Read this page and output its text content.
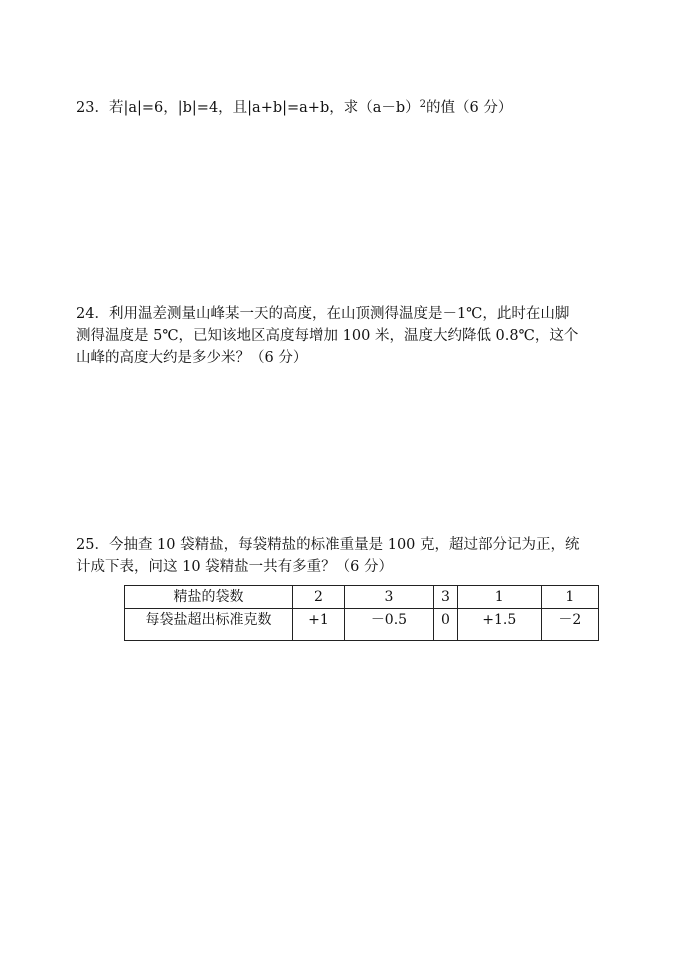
23．若|a|=6，|b|=4，且|a+b|=a+b，求$(a-b)^2$的值（6 分）
24．利用温差测量山峰某一天的高度，在山顶测得温度是－1℃，此时在山脚
测得温度是 5℃，已知该地区高度每增加 100 米，温度大约降低 0.8℃，这个
山峰的高度大约是多少米？（6 分）
25．今抽查 10 袋精盐，每袋精盐的标准重量是 100 克，超过部分记为正，统
计成下表，问这 10 袋精盐一共有多重？（6 分）
精盐的袋数	2	3	3	1	1
每袋盐超出标准克数	+1	－0.5	0	+1.5	－2
